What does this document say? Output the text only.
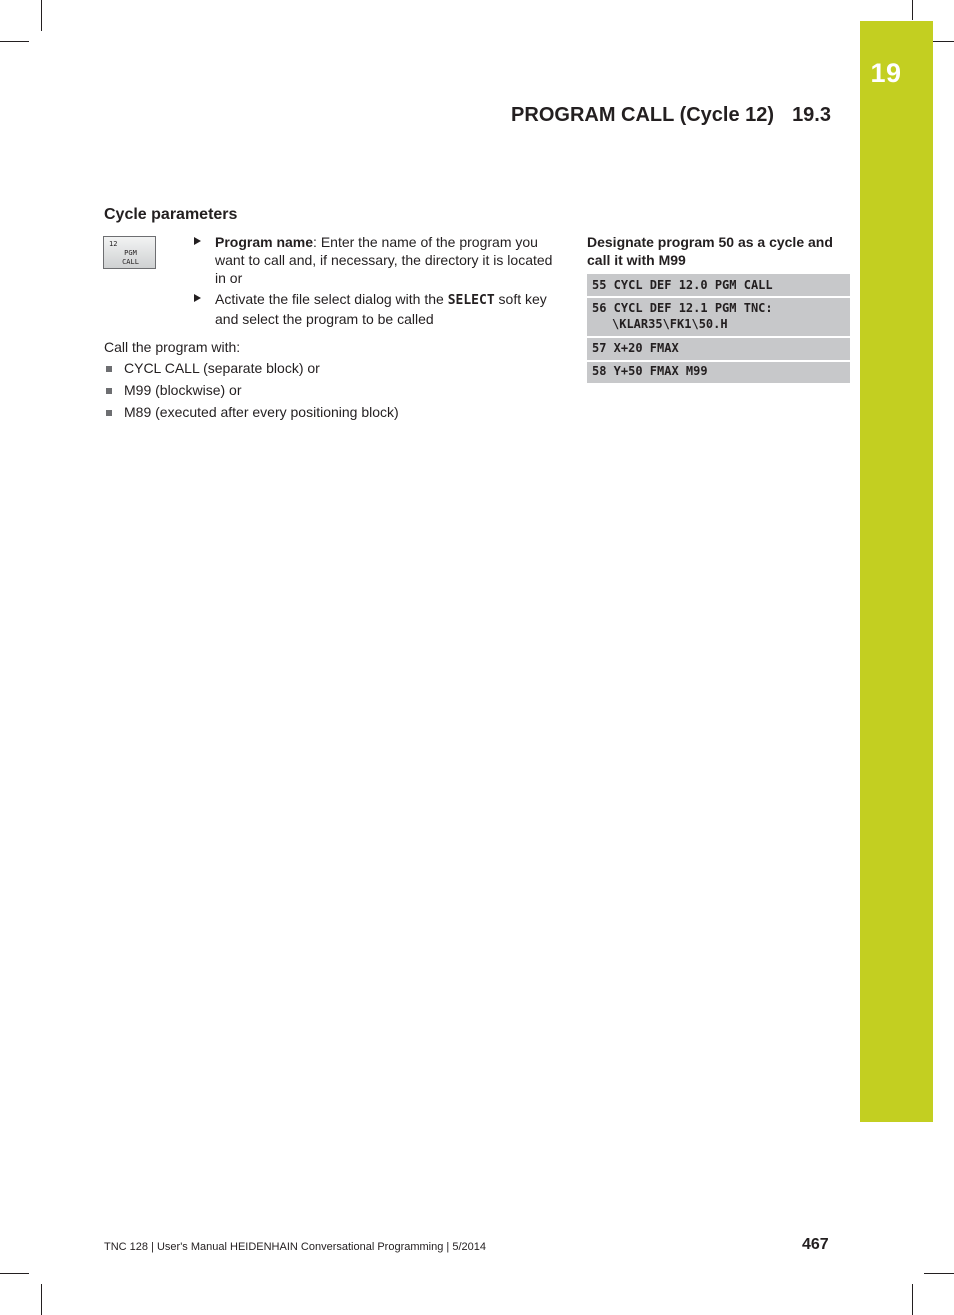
19
PROGRAM CALL (Cycle 12) 19.3
Cycle parameters
12
PGM
CALL
Program name: Enter the name of the program you want to call and, if necessary, the directory it is located in or
Activate the file select dialog with the SELECT soft key and select the program to be called
Call the program with:
CYCL CALL (separate block) or
M99 (blockwise) or
M89 (executed after every positioning block)
Designate program 50 as a cycle and call it with M99
55 CYCL DEF 12.0 PGM CALL
56 CYCL DEF 12.1 PGM TNC:
\KLAR35\FK1\50.H
57 X+20 FMAX
58 Y+50 FMAX M99
TNC 128 | User's Manual HEIDENHAIN Conversational Programming | 5/2014	467
